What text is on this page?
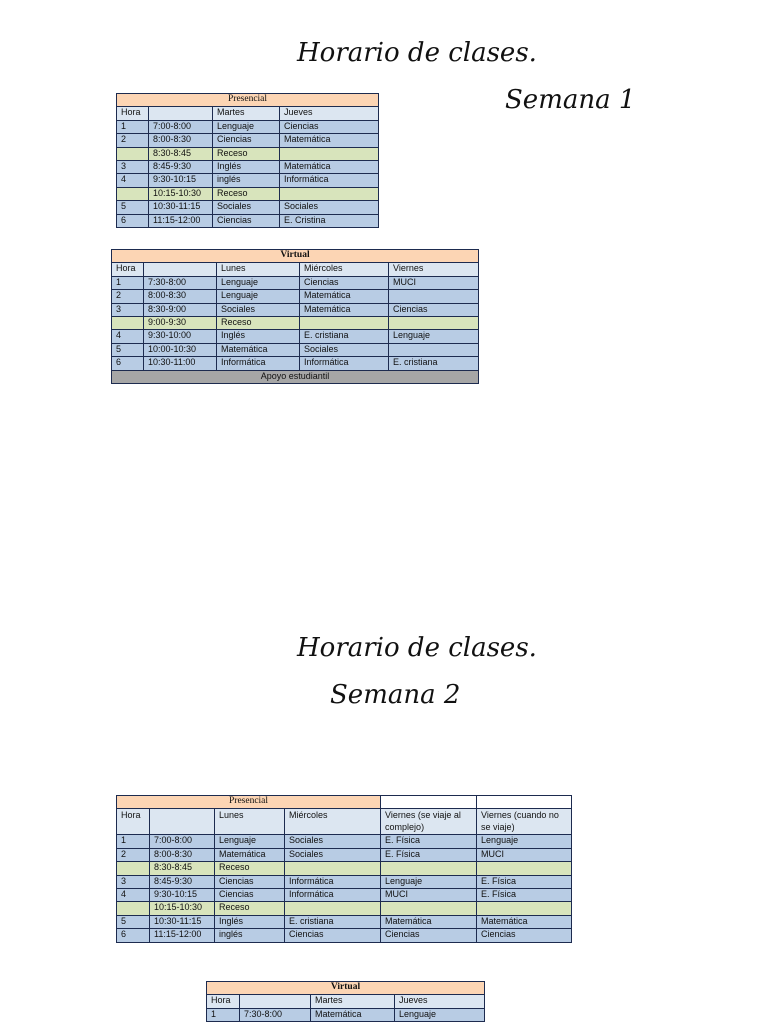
Horario de clases.
Semana 1
Presencial			
Hora		Martes	Jueves
1	7:00-8:00	Lenguaje	Ciencias
2	8:00-8:30	Ciencias	Matemática
	8:30-8:45	Receso	
3	8:45-9:30	Inglés	Matemática
4	9:30-10:15	inglés	Informática
	10:15-10:30	Receso	
5	10:30-11:15	Sociales	Sociales
6	11:15-12:00	Ciencias	E. Cristina
Virtual				
Hora		Lunes	Miércoles	Viernes
1	7:30-8:00	Lenguaje	Ciencias	MUCI
2	8:00-8:30	Lenguaje	Matemática	
3	8:30-9:00	Sociales	Matemática	Ciencias
	9:00-9:30	Receso		
4	9:30-10:00	Inglés	E. cristiana	Lenguaje
5	10:00-10:30	Matemática	Sociales	
6	10:30-11:00	Informática	Informática	E. cristiana
Apoyo estudiantil				
Horario de clases.
Semana 2
Presencial					
Hora		Lunes	Miércoles	Viernes (se viaje al complejo)	Viernes (cuando no se viaje)
1	7:00-8:00	Lenguaje	Sociales	E. Física	Lenguaje
2	8:00-8:30	Matemática	Sociales	E. Física	MUCI
	8:30-8:45	Receso			
3	8:45-9:30	Ciencias	Informática	Lenguaje	E. Física
4	9:30-10:15	Ciencias	Informática	MUCI	E. Física
	10:15-10:30	Receso			
5	10:30-11:15	Inglés	E. cristiana	Matemática	Matemática
6	11:15-12:00	inglés	Ciencias	Ciencias	Ciencias
Virtual			
Hora		Martes	Jueves
1	7:30-8:00	Matemática	Lenguaje
